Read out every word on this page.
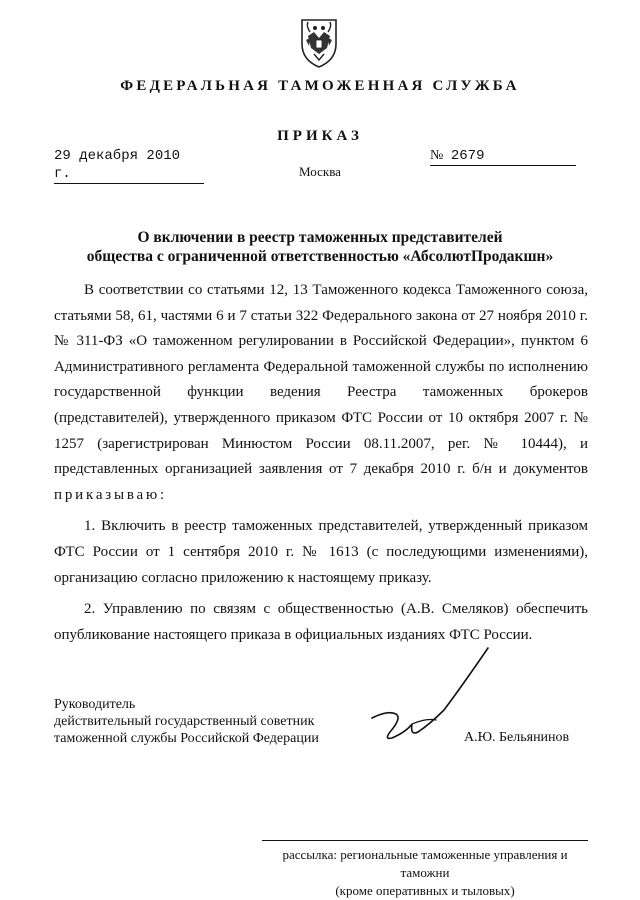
ФЕДЕРАЛЬНАЯ ТАМОЖЕННАЯ СЛУЖБА
ПРИКАЗ
29 декабря 2010 г.
№ 2679
Москва
О включении в реестр таможенных представителей
общества с ограниченной ответственностью «АбсолютПродакшн»

В соответствии со статьями 12, 13 Таможенного кодекса Таможенного союза, статьями 58, 61, частями 6 и 7 статьи 322 Федерального закона от 27 ноября 2010 г. № 311-ФЗ «О таможенном регулировании в Российской Федерации», пунктом 6 Административного регламента Федеральной таможенной службы по исполнению государственной функции ведения Реестра таможенных брокеров (представителей), утвержденного приказом ФТС России от 10 октября 2007 г. № 1257 (зарегистрирован Минюстом России 08.11.2007, рег. № 10444), и представленных организацией заявления от 7 декабря 2010 г. б/н и документов приказываю:

1. Включить в реестр таможенных представителей, утвержденный приказом ФТС России от 1 сентября 2010 г. № 1613 (с последующими изменениями), организацию согласно приложению к настоящему приказу.

2. Управлению по связям с общественностью (А.В. Смеляков) обеспечить опубликование настоящего приказа в официальных изданиях ФТС России.

Руководитель
действительный государственный советник
таможенной службы Российской Федерации	А.Ю. Бельянинов
рассылка: региональные таможенные управления и таможни
(кроме оперативных и тыловых)
